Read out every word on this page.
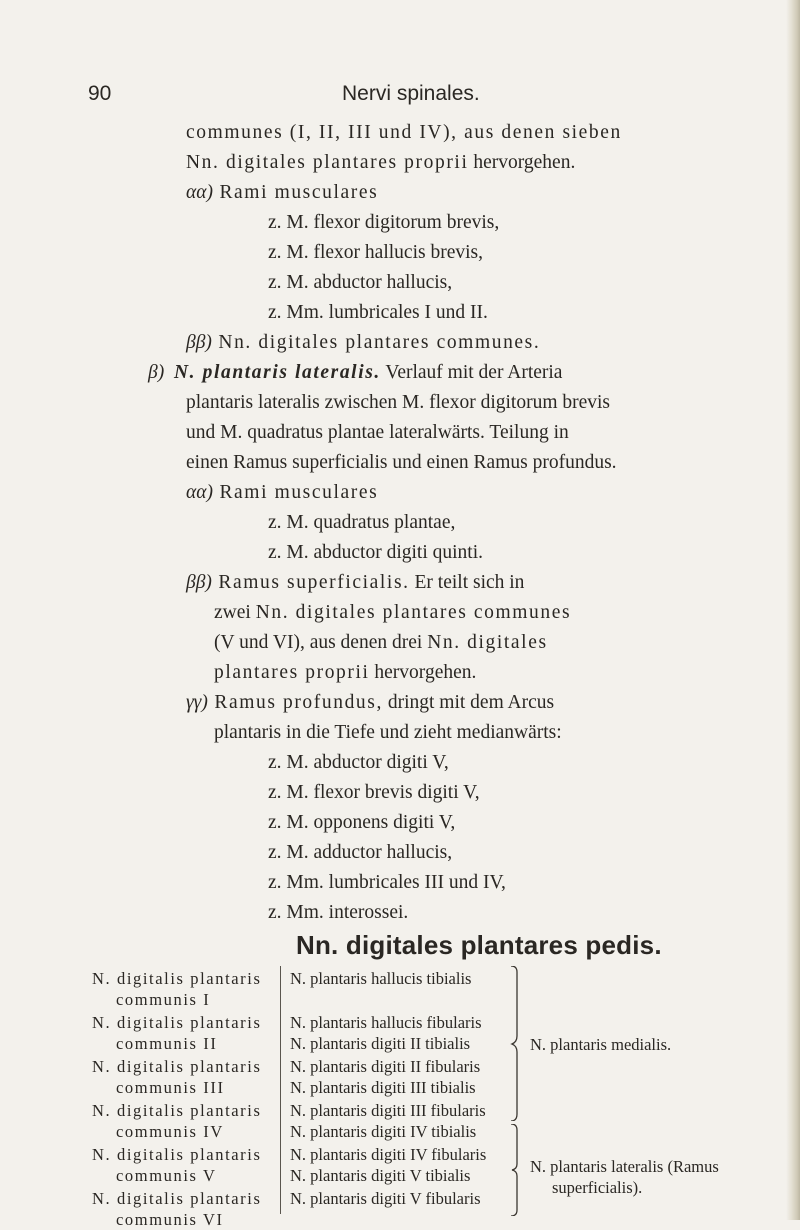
90	Nervi spinales.
communes (I, II, III und IV), aus denen sieben
Nn. digitales plantares proprii hervorgehen.
αα) Rami musculares
z. M. flexor digitorum brevis,
z. M. flexor hallucis brevis,
z. M. abductor hallucis,
z. Mm. lumbricales I und II.
ββ) Nn. digitales plantares communes.
β) N. plantaris lateralis. Verlauf mit der Arteria
plantaris lateralis zwischen M. flexor digitorum brevis
und M. quadratus plantae lateralwärts. Teilung in
einen Ramus superficialis und einen Ramus profundus.
αα) Rami musculares
z. M. quadratus plantae,
z. M. abductor digiti quinti.
ββ) Ramus superficialis. Er teilt sich in
zwei Nn. digitales plantares communes
(V und VI), aus denen drei Nn. digitales
plantares proprii hervorgehen.
γγ) Ramus profundus, dringt mit dem Arcus
plantaris in die Tiefe und zieht medianwärts:
z. M. abductor digiti V,
z. M. flexor brevis digiti V,
z. M. opponens digiti V,
z. M. adductor hallucis,
z. Mm. lumbricales III und IV,
z. Mm. interossei.
Nn. digitales plantares pedis.
N. digitalis plantaris
communis I
N. digitalis plantaris
communis II
N. digitalis plantaris
communis III
N. digitalis plantaris
communis IV
N. digitalis plantaris
communis V
N. digitalis plantaris
communis VI
N. plantaris hallucis tibialis
N. plantaris hallucis fibularis
N. plantaris digiti II tibialis
N. plantaris digiti II fibularis
N. plantaris digiti III tibialis
N. plantaris digiti III fibularis
N. plantaris digiti IV tibialis
N. plantaris digiti IV fibularis
N. plantaris digiti V tibialis
N. plantaris digiti V fibularis
N. plantaris medialis.
N. plantaris lateralis (Ramus
superficialis).
